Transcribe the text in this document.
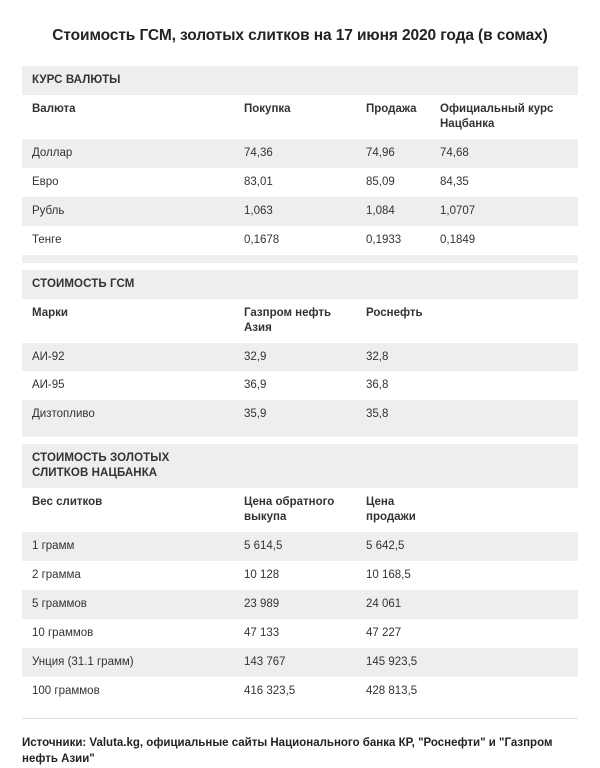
Стоимость ГСМ, золотых слитков на 17 июня 2020 года (в сомах)
КУРС ВАЛЮТЫ			
Валюта	Покупка	Продажа	Официальный курс Нацбанка
Доллар	74,36	74,96	74,68
Евро	83,01	85,09	84,35
Рубль	1,063	1,084	1,0707
Тенге	0,1678	0,1933	0,1849

СТОИМОСТЬ ГСМ			
Марки	Газпром нефть Азия	Роснефть	
АИ-92	32,9	32,8	
АИ-95	36,9	36,8	
Дизтопливо	35,9	35,8	

СТОИМОСТЬ ЗОЛОТЫХ СЛИТКОВ НАЦБАНКА			
Вес слитков	Цена обратного выкупа	Цена продажи	
1 грамм	5 614,5	5 642,5	
2 грамма	10 128	10 168,5	
5 граммов	23 989	24 061	
10 граммов	47 133	47 227	
Унция (31.1 грамм)	143 767	145 923,5	
100 граммов	416 323,5	428 813,5	
Источники: Valuta.kg, официальные сайты Национального банка КР, "Роснефти" и "Газпром нефть Азии"
